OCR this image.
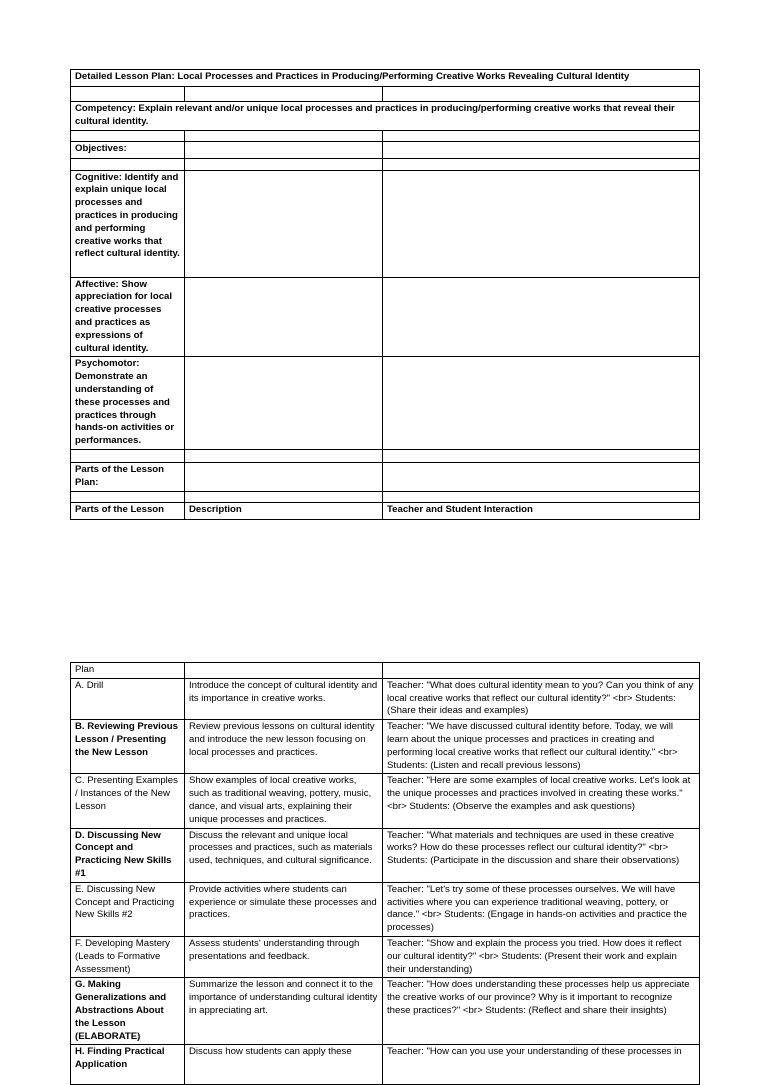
Detailed Lesson Plan: Local Processes and Practices in Producing/Performing Creative Works Revealing Cultural Identity		

Competency: Explain relevant and/or unique local processes and practices in producing/performing creative works that reveal their cultural identity.		

Objectives:		

Cognitive: Identify and explain unique local processes and practices in producing and performing creative works that reflect cultural identity.		
Affective: Show appreciation for local creative processes and practices as expressions of cultural identity.		
Psychomotor: Demonstrate an understanding of these processes and practices through hands-on activities or performances.		

Parts of the Lesson Plan:		

Parts of the Lesson	Description	Teacher and Student Interaction
Plan		
A. Drill	Introduce the concept of cultural identity and its importance in creative works.	Teacher: "What does cultural identity mean to you? Can you think of any local creative works that reflect our cultural identity?" <br> Students: (Share their ideas and examples)
B. Reviewing Previous Lesson / Presenting the New Lesson	Review previous lessons on cultural identity and introduce the new lesson focusing on local processes and practices.	Teacher: "We have discussed cultural identity before. Today, we will learn about the unique processes and practices in creating and performing local creative works that reflect our cultural identity." <br> Students: (Listen and recall previous lessons)
C. Presenting Examples / Instances of the New Lesson	Show examples of local creative works, such as traditional weaving, pottery, music, dance, and visual arts, explaining their unique processes and practices.	Teacher: "Here are some examples of local creative works. Let's look at the unique processes and practices involved in creating these works." <br> Students: (Observe the examples and ask questions)
D. Discussing New Concept and Practicing New Skills #1	Discuss the relevant and unique local processes and practices, such as materials used, techniques, and cultural significance.	Teacher: "What materials and techniques are used in these creative works? How do these processes reflect our cultural identity?" <br> Students: (Participate in the discussion and share their observations)
E. Discussing New Concept and Practicing New Skills #2	Provide activities where students can experience or simulate these processes and practices.	Teacher: "Let's try some of these processes ourselves. We will have activities where you can experience traditional weaving, pottery, or dance." <br> Students: (Engage in hands-on activities and practice the processes)
F. Developing Mastery (Leads to Formative Assessment)	Assess students' understanding through presentations and feedback.	Teacher: "Show and explain the process you tried. How does it reflect our cultural identity?" <br> Students: (Present their work and explain their understanding)
G. Making Generalizations and Abstractions About the Lesson (ELABORATE)	Summarize the lesson and connect it to the importance of understanding cultural identity in appreciating art.	Teacher: "How does understanding these processes help us appreciate the creative works of our province? Why is it important to recognize these practices?" <br> Students: (Reflect and share their insights)
H. Finding Practical Application	Discuss how students can apply these	Teacher: "How can you use your understanding of these processes in
